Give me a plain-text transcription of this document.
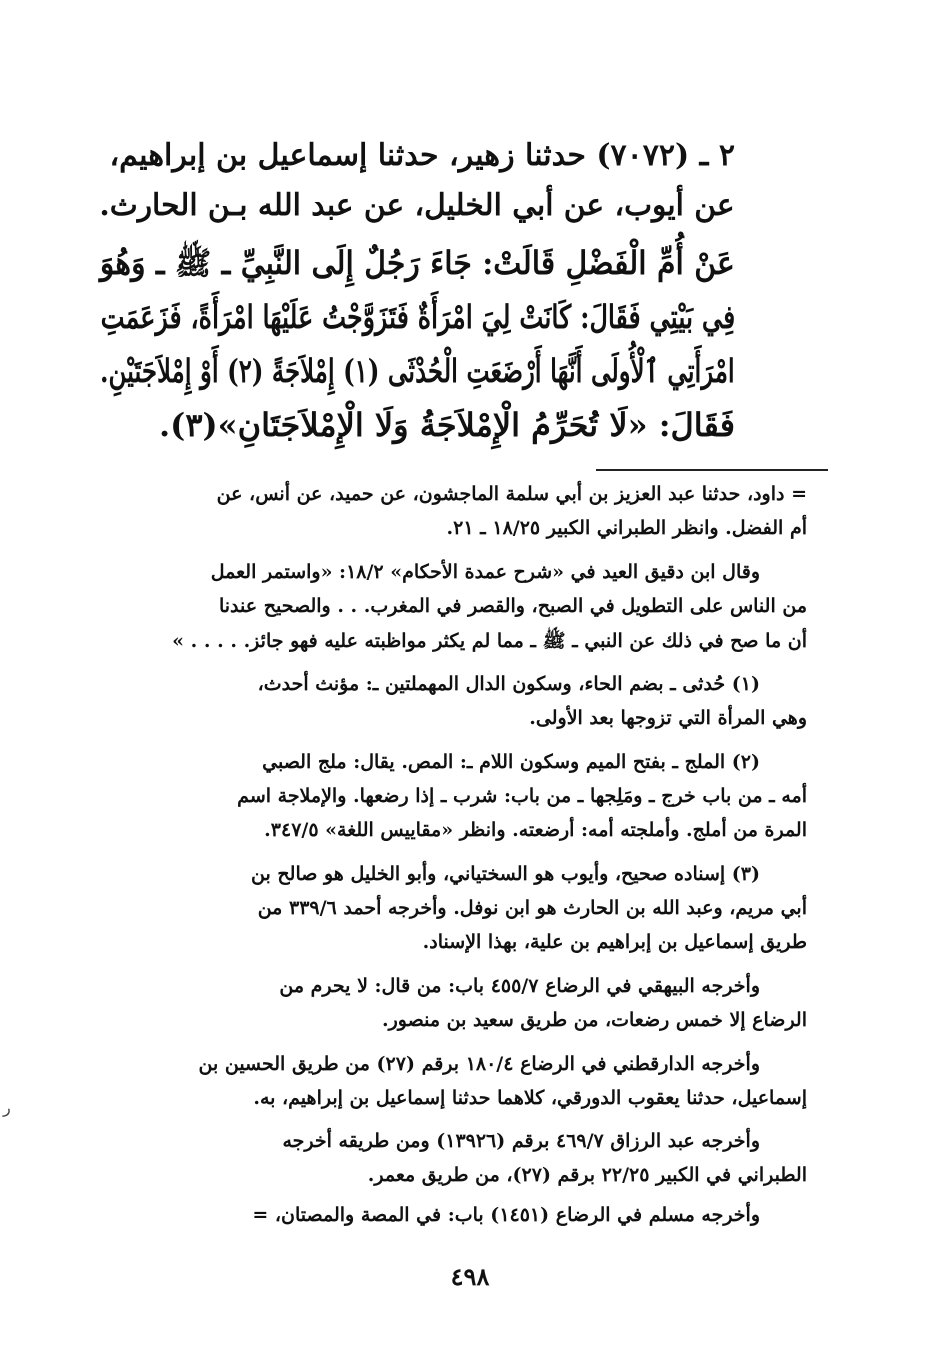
٢ ـ (٧٠٧٢) حدثنا زهير، حدثنا إسماعيل بن إبراهيم،
عن أيوب، عن أبي الخليل، عن عبد الله بـن الحارث.
عَنْ أُمِّ الْفَضْلِ قَالَتْ: جَاءَ رَجُلٌ إِلَى النَّبِيِّ ـ ﷺ ـ وَهُوَ
فِي بَيْتِي فَقَالَ: كَانَتْ لِيَ امْرَأَةٌ فَتَزَوَّجْتُ عَلَيْهَا امْرَأَةً، فَزَعَمَتِ
امْرَأَتِي ٱلْأُولَى أَنَّهَا أَرْضَعَتِ الْحُدْثَى (١) إِمْلاَجَةً (٢) أَوْ إِمْلاَجَتَيْنِ.
فَقَالَ: «لَا تُحَرِّمُ الْإِمْلاَجَةُ وَلَا الْإِمْلاَجَتَانِ»(٣).
= داود، حدثنا عبد العزيز بن أبي سلمة الماجشون، عن حميد، عن أنس، عن
أم الفضل. وانظر الطبراني الكبير ١٨/٢٥ ـ ٢١.
وقال ابن دقيق العيد في «شرح عمدة الأحكام» ١٨/٢: «واستمر العمل
من الناس على التطويل في الصبح، والقصر في المغرب. . . والصحيح عندنا
أن ما صح في ذلك عن النبي ـ ﷺ ـ مما لم يكثر مواظبته عليه فهو جائز. . . . . »
(١) حُدثى ـ بضم الحاء، وسكون الدال المهملتين ـ: مؤنث أحدث،
وهي المرأة التي تزوجها بعد الأولى.
(٢) الملج ـ بفتح الميم وسكون اللام ـ: المص. يقال: ملج الصبي
أمه ـ من باب خرج ـ ومَلِجها ـ من باب: شرب ـ إذا رضعها. والإملاجة اسم
المرة من أملج. وأملجته أمه: أرضعته. وانظر «مقاييس اللغة» ٣٤٧/٥.
(٣) إسناده صحيح، وأيوب هو السختياني، وأبو الخليل هو صالح بن
أبي مريم، وعبد الله بن الحارث هو ابن نوفل. وأخرجه أحمد ٣٣٩/٦ من
طريق إسماعيل بن إبراهيم بن علية، بهذا الإسناد.
وأخرجه البيهقي في الرضاع ٤٥٥/٧ باب: من قال: لا يحرم من
الرضاع إلا خمس رضعات، من طريق سعيد بن منصور.
وأخرجه الدارقطني في الرضاع ١٨٠/٤ برقم (٢٧) من طريق الحسين بن
إسماعيل، حدثنا يعقوب الدورقي، كلاهما حدثنا إسماعيل بن إبراهيم، به.
وأخرجه عبد الرزاق ٤٦٩/٧ برقم (١٣٩٢٦) ومن طريقه أخرجه
الطبراني في الكبير ٢٢/٢٥ برقم (٢٧)، من طريق معمر.
وأخرجه مسلم في الرضاع (١٤٥١) باب: في المصة والمصتان، =
٤٩٨
ر
